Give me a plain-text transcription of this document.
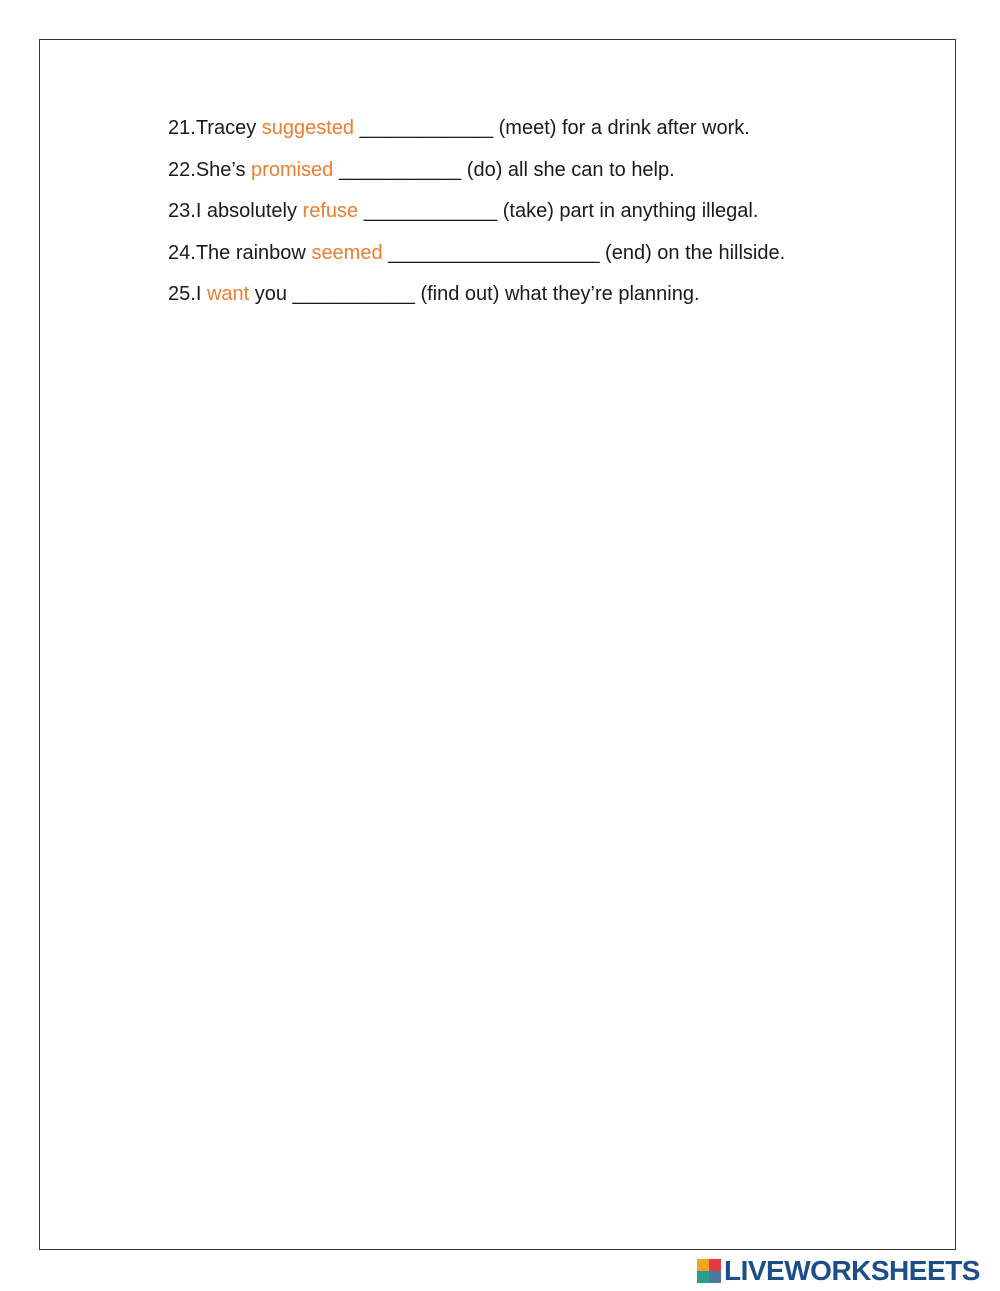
21.Tracey suggested ____________ (meet) for a drink after work.
22.She’s promised ___________ (do) all she can to help.
23.I absolutely refuse ____________ (take) part in anything illegal.
24.The rainbow seemed ___________________ (end) on the hillside.
25.I want you ___________ (find out) what they’re planning.
LIVEWORKSHEETS
